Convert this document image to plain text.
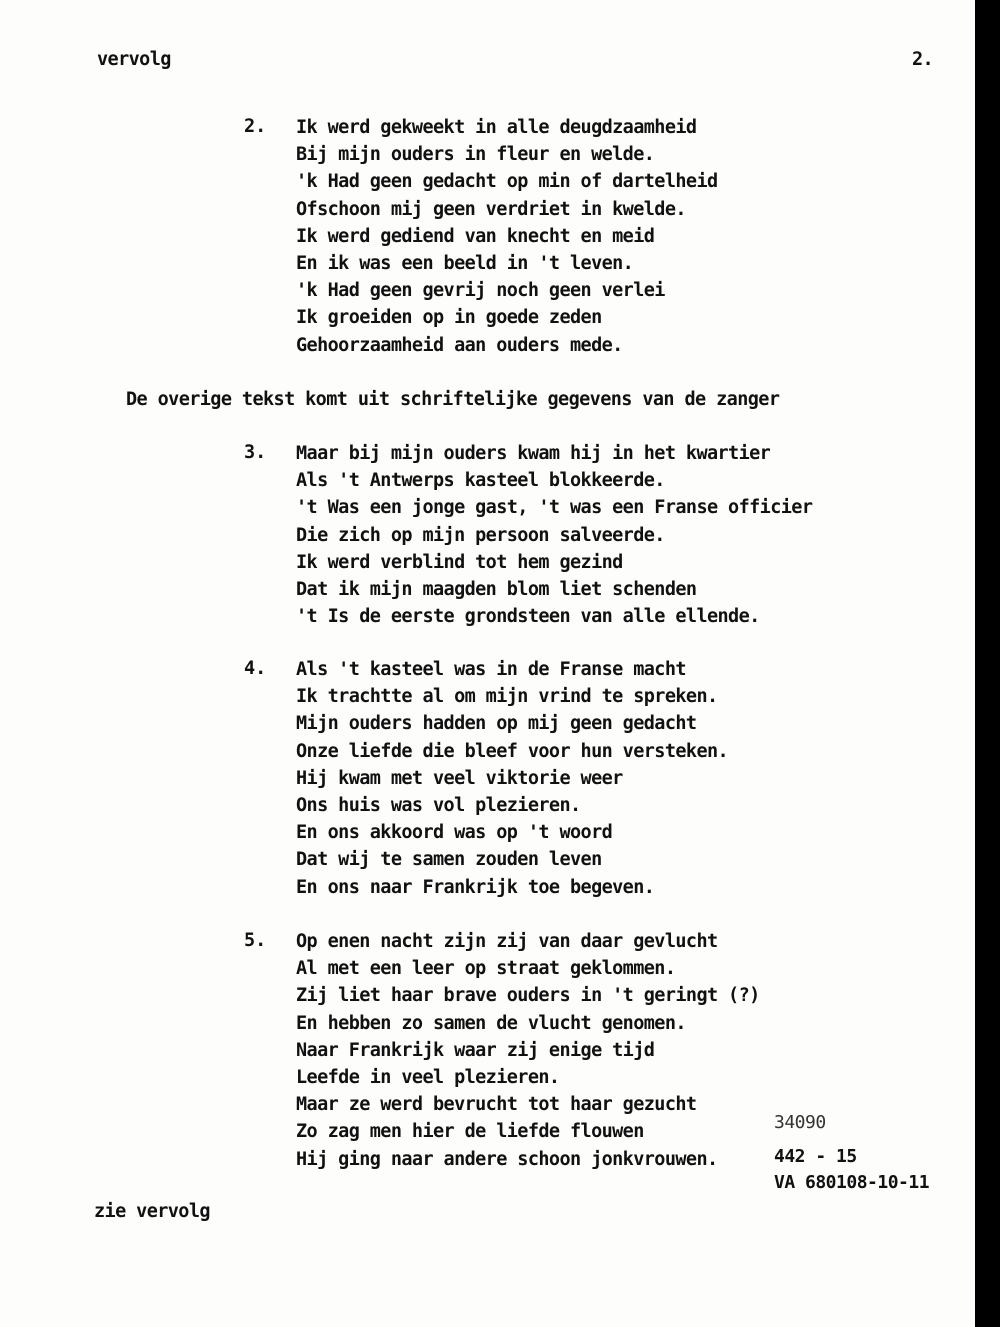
vervolg	2.
2. Ik werd gekweekt in alle deugdzaamheid
Bij mijn ouders in fleur en welde.
'k Had geen gedacht op min of dartelheid
Ofschoon mij geen verdriet in kwelde.
Ik werd gediend van knecht en meid
En ik was een beeld in 't leven.
'k Had geen gevrij noch geen verlei
Ik groeiden op in goede zeden
Gehoorzaamheid aan ouders mede.
De overige tekst komt uit schriftelijke gegevens van de zanger
3. Maar bij mijn ouders kwam hij in het kwartier
Als 't Antwerps kasteel blokkeerde.
't Was een jonge gast, 't was een Franse officier
Die zich op mijn persoon salveerde.
Ik werd verblind tot hem gezind
Dat ik mijn maagden blom liet schenden
't Is de eerste grondsteen van alle ellende.
4. Als 't kasteel was in de Franse macht
Ik trachtte al om mijn vrind te spreken.
Mijn ouders hadden op mij geen gedacht
Onze liefde die bleef voor hun versteken.
Hij kwam met veel viktorie weer
Ons huis was vol plezieren.
En ons akkoord was op 't woord
Dat wij te samen zouden leven
En ons naar Frankrijk toe begeven.
5. Op enen nacht zijn zij van daar gevlucht
Al met een leer op straat geklommen.
Zij liet haar brave ouders in 't geringt (?)
En hebben zo samen de vlucht genomen.
Naar Frankrijk waar zij enige tijd
Leefde in veel plezieren.
Maar ze werd bevrucht tot haar gezucht
Zo zag men hier de liefde flouwen
Hij ging naar andere schoon jonkvrouwen.
34090
442 - 15
VA 680108-10-11
zie vervolg
